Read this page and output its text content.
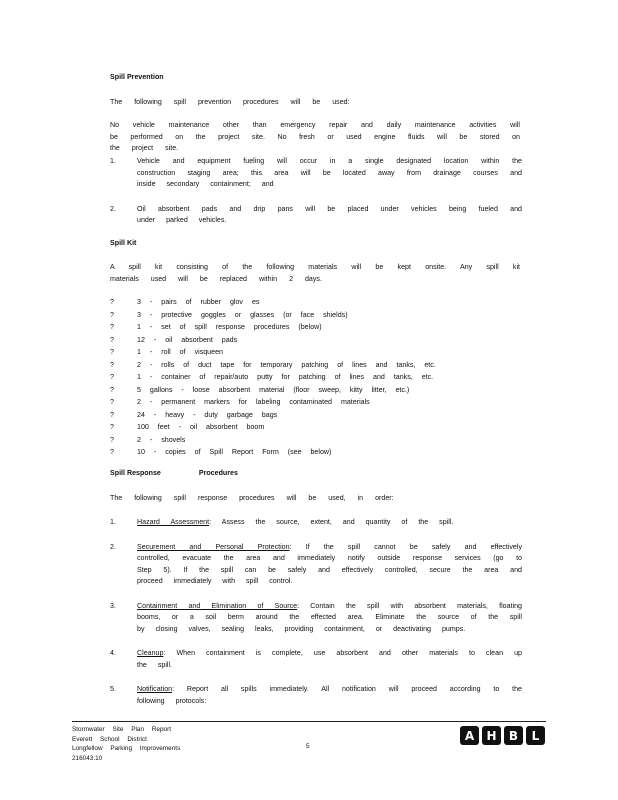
Spill Prevention
The following spill prevention procedures will be used:
No vehicle maintenance other than emergency repair and daily maintenance activities will be performed on the project site. No fresh or used engine fluids will be stored on the project site.
1.	Vehicle and equipment fueling will occur in a single designated location within the construction staging area; this area will be located away from drainage courses and inside secondary containment; and
2.	Oil absorbent pads and drip pans will be placed under vehicles being fueled and under parked vehicles.
Spill Kit
A spill kit consisting of the following materials will be kept onsite. Any spill kit materials used will be replaced within 2 days.
?	3 - pairs of rubber glov es
?	3 - protective goggles or glasses (or face shields)
?	1 - set of spill response procedures (below)
?	12 - oil absorbent pads
?	1 - roll of visqueen
?	2 - rolls of duct tape for temporary patching of lines and tanks, etc.
?	1 - container of repair/auto putty for patching of lines and tanks, etc.
?	5 gallons - loose absorbent material (floor sweep, kitty litter, etc.)
?	2 - permanent markers for labeling contaminated materials
?	24 - heavy - duty garbage bags
?	100 feet - oil absorbent boom
?	2 - shovels
?	10 - copies of Spill Report Form (see below)
Spill Response	Procedures
The following spill response procedures will be used, in order:
1.	Hazard Assessment: Assess the source, extent, and quantity of the spill.
2.	Securement and Personal Protection: If the spill cannot be safely and effectively controlled, evacuate the area and immediately notify outside response services (go to Step 5). If the spill can be safely and effectively controlled, secure the area and proceed immediately with spill control.
3.	Containment and Elimination of Source: Contain the spill with absorbent materials, floating booms, or a soil berm around the effected area. Eliminate the source of the spill by closing valves, sealing leaks, providing containment, or deactivating pumps.
4.	Cleanup: When containment is complete, use absorbent and other materials to clean up the spill.
5.	Notification: Report all spills immediately. All notification will proceed according to the following protocols:
Stormwater Site Plan Report
Everett School District
Longfellow Parking Improvements
216043.10
5
A	H	B	L
